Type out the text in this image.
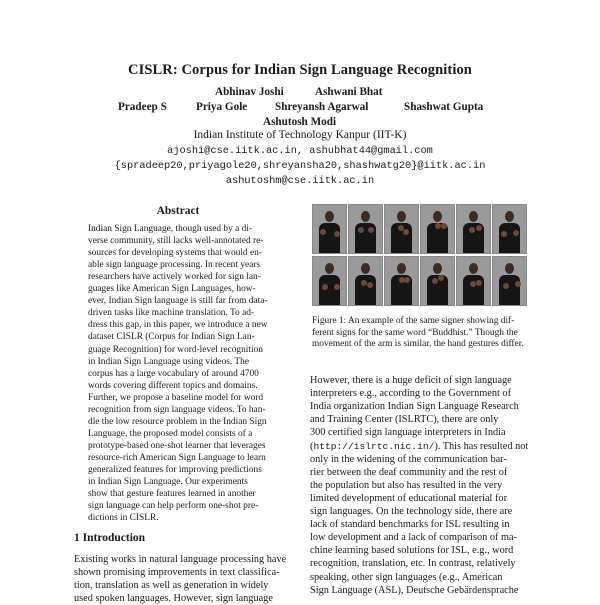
CISLR: Corpus for Indian Sign Language Recognition
Abhinav Joshi	Ashwani Bhat
Pradeep S	Priya Gole Shreyansh Agarwal	Shashwat Gupta
Ashutosh Modi
Indian Institute of Technology Kanpur (IIT-K)
ajoshi@cse.iitk.ac.in, ashubhat44@gmail.com
{spradeep20,priyagole20,shreyansha20,shashwatg20}@iitk.ac.in
ashutoshm@cse.iitk.ac.in
Abstract
Indian Sign Language, though used by a di-
verse community, still lacks well-annotated re-
sources for developing systems that would en-
able sign language processing. In recent years
researchers have actively worked for sign lan-
guages like American Sign Languages, how-
ever, Indian Sign language is still far from data-
driven tasks like machine translation. To ad-
dress this gap, in this paper, we introduce a new
dataset CISLR (Corpus for Indian Sign Lan-
guage Recognition) for word-level recognition
in Indian Sign Language using videos. The
corpus has a large vocabulary of around 4700
words covering different topics and domains.
Further, we propose a baseline model for word
recognition from sign language videos. To han-
dle the low resource problem in the Indian Sign
Language, the proposed model consists of a
prototype-based one-shot learner that leverages
resource-rich American Sign Language to learn
generalized features for improving predictions
in Indian Sign Language. Our experiments
show that gesture features learned in another
sign language can help perform one-shot pre-
dictions in CISLR.
1 Introduction
Existing works in natural language processing have
shown promising improvements in text classifica-
tion, translation as well as generation in widely
used spoken languages. However, sign language
Figure 1: An example of the same signer showing dif-
ferent signs for the same word “Buddhist.” Though the
movement of the arm is similar, the hand gestures differ.
However, there is a huge deficit of sign language
interpreters e.g., according to the Government of
India organization Indian Sign Language Research
and Training Center (ISLRTC), there are only
300 certified sign language interpreters in India
(http://islrtc.nic.in/). This has resulted not
only in the widening of the communication bar-
rier between the deaf community and the rest of
the population but also has resulted in the very
limited development of educational material for
sign languages. On the technology side, there are
lack of standard benchmarks for ISL resulting in
low development and a lack of comparison of ma-
chine learning based solutions for ISL, e.g., word
recognition, translation, etc. In contrast, relatively
speaking, other sign languages (e.g., American
Sign Language (ASL), Deutsche Gebärdensprache
